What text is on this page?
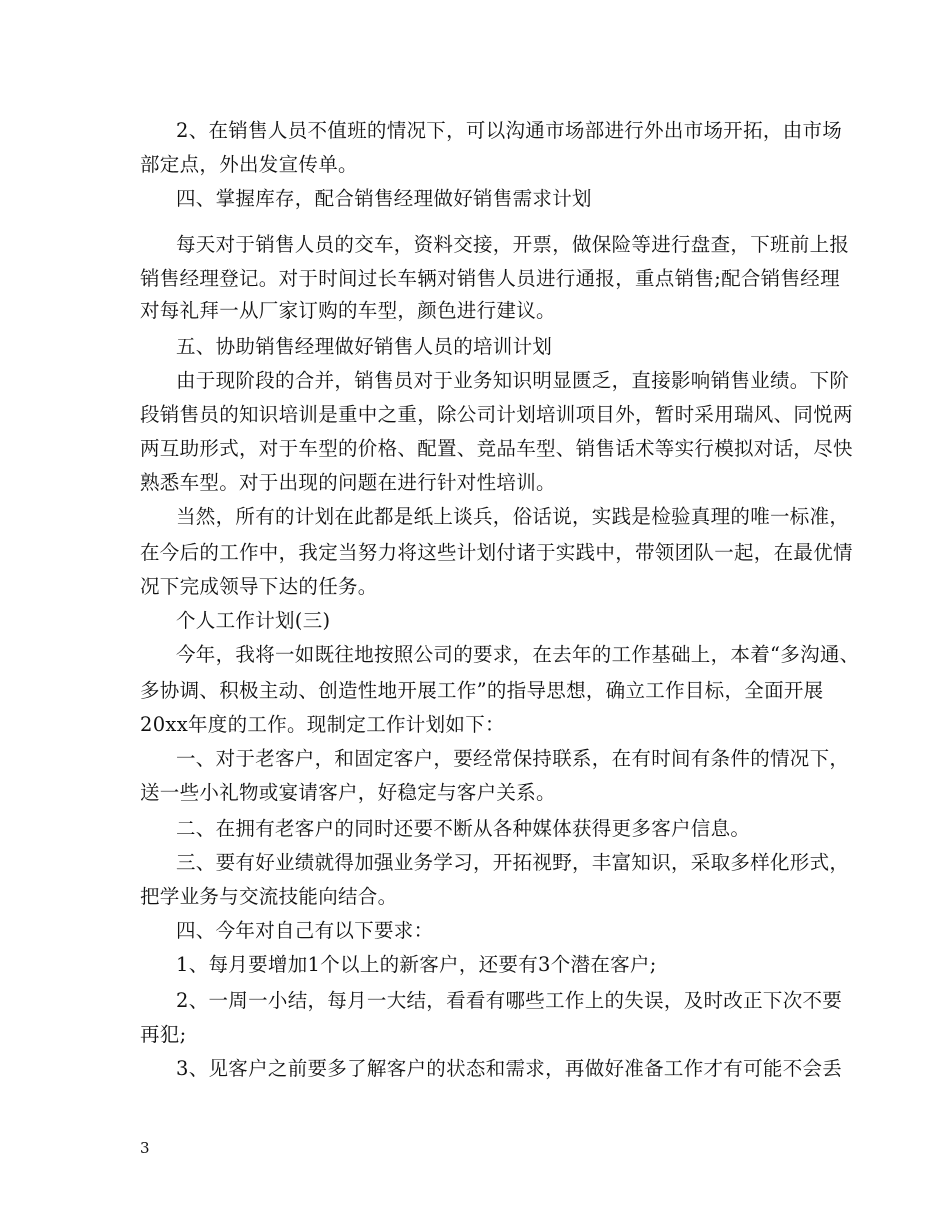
2、在销售人员不值班的情况下，可以沟通市场部进行外出市场开拓，由市场
部定点，外出发宣传单。
四、掌握库存，配合销售经理做好销售需求计划
每天对于销售人员的交车，资料交接，开票，做保险等进行盘查，下班前上报
销售经理登记。对于时间过长车辆对销售人员进行通报，重点销售;配合销售经理
对每礼拜一从厂家订购的车型，颜色进行建议。
五、协助销售经理做好销售人员的培训计划
由于现阶段的合并，销售员对于业务知识明显匮乏，直接影响销售业绩。下阶
段销售员的知识培训是重中之重，除公司计划培训项目外，暂时采用瑞风、同悦两
两互助形式，对于车型的价格、配置、竞品车型、销售话术等实行模拟对话，尽快
熟悉车型。对于出现的问题在进行针对性培训。
当然，所有的计划在此都是纸上谈兵，俗话说，实践是检验真理的唯一标准，
在今后的工作中，我定当努力将这些计划付诸于实践中，带领团队一起，在最优情
况下完成领导下达的任务。
个人工作计划(三)
今年，我将一如既往地按照公司的要求，在去年的工作基础上，本着“多沟通、
多协调、积极主动、创造性地开展工作”的指导思想，确立工作目标，全面开展
20xx年度的工作。现制定工作计划如下：
一、对于老客户，和固定客户，要经常保持联系，在有时间有条件的情况下，
送一些小礼物或宴请客户，好稳定与客户关系。
二、在拥有老客户的同时还要不断从各种媒体获得更多客户信息。
三、要有好业绩就得加强业务学习，开拓视野，丰富知识，采取多样化形式，
把学业务与交流技能向结合。
四、今年对自己有以下要求：
1、每月要增加1个以上的新客户，还要有3个潜在客户;
2、一周一小结，每月一大结，看看有哪些工作上的失误，及时改正下次不要
再犯;
3、见客户之前要多了解客户的状态和需求，再做好准备工作才有可能不会丢
3
